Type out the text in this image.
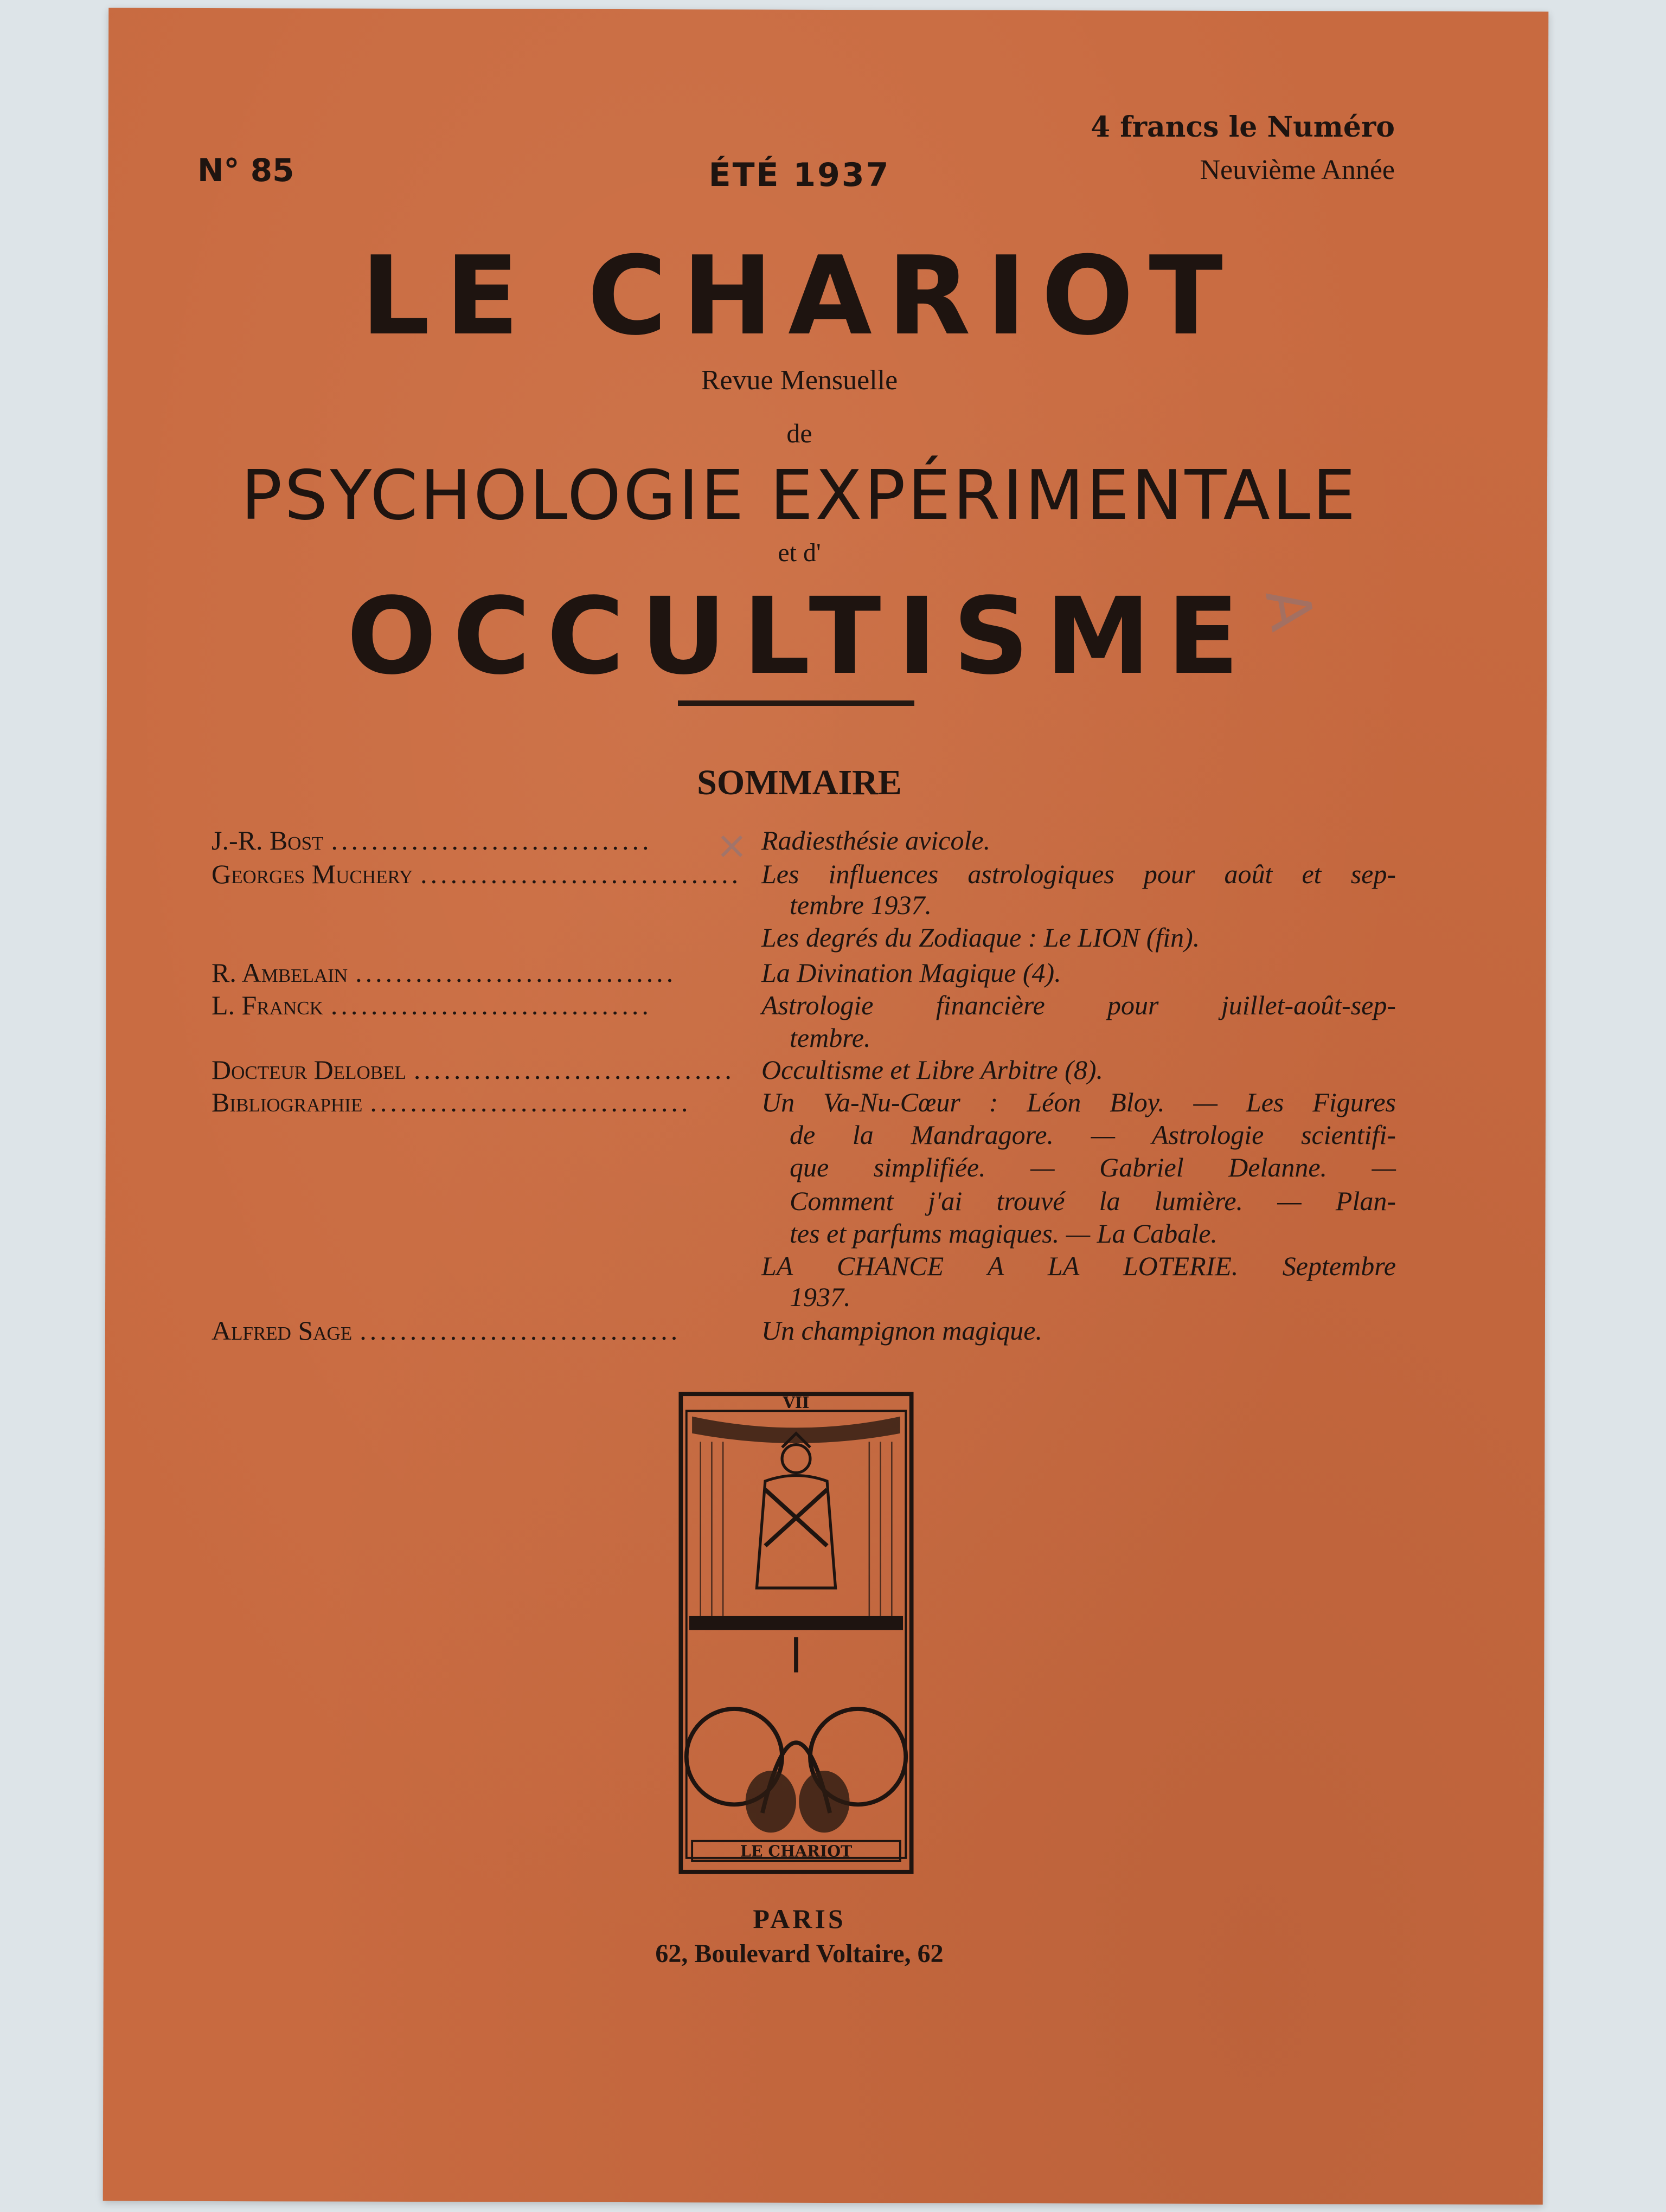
N° 85	ÉTÉ 1937
4 francs le Numéro
Neuvième Année
LE CHARIOT
Revue Mensuelle
de
PSYCHOLOGIE EXPÉRIMENTALE
et d'
OCCULTISME
A
×
SOMMAIRE
J.-R. Bost ................................	Radiesthésie avicole.
Georges Muchery ................................ Les influences astrologiques pour août et sep-
tembre 1937.
Les degrés du Zodiaque : Le LION (fin).
R. Ambelain ................................	La Divination Magique (4).
L. Franck ................................	Astrologie financière pour juillet-août-sep-
tembre.
Docteur Delobel ................................ Occultisme et Libre Arbitre (8).
Bibliographie ................................	Un Va-Nu-Cœur : Léon Bloy. — Les Figures
de la Mandragore. — Astrologie scientifi-
que simplifiée. — Gabriel Delanne. —
Comment j'ai trouvé la lumière. — Plan-
tes et parfums magiques. — La Cabale.
LA CHANCE A LA LOTERIE. Septembre
1937.
Alfred Sage ................................	Un champignon magique.
VII
LE CHARIOT
PARIS
62, Boulevard Voltaire, 62
